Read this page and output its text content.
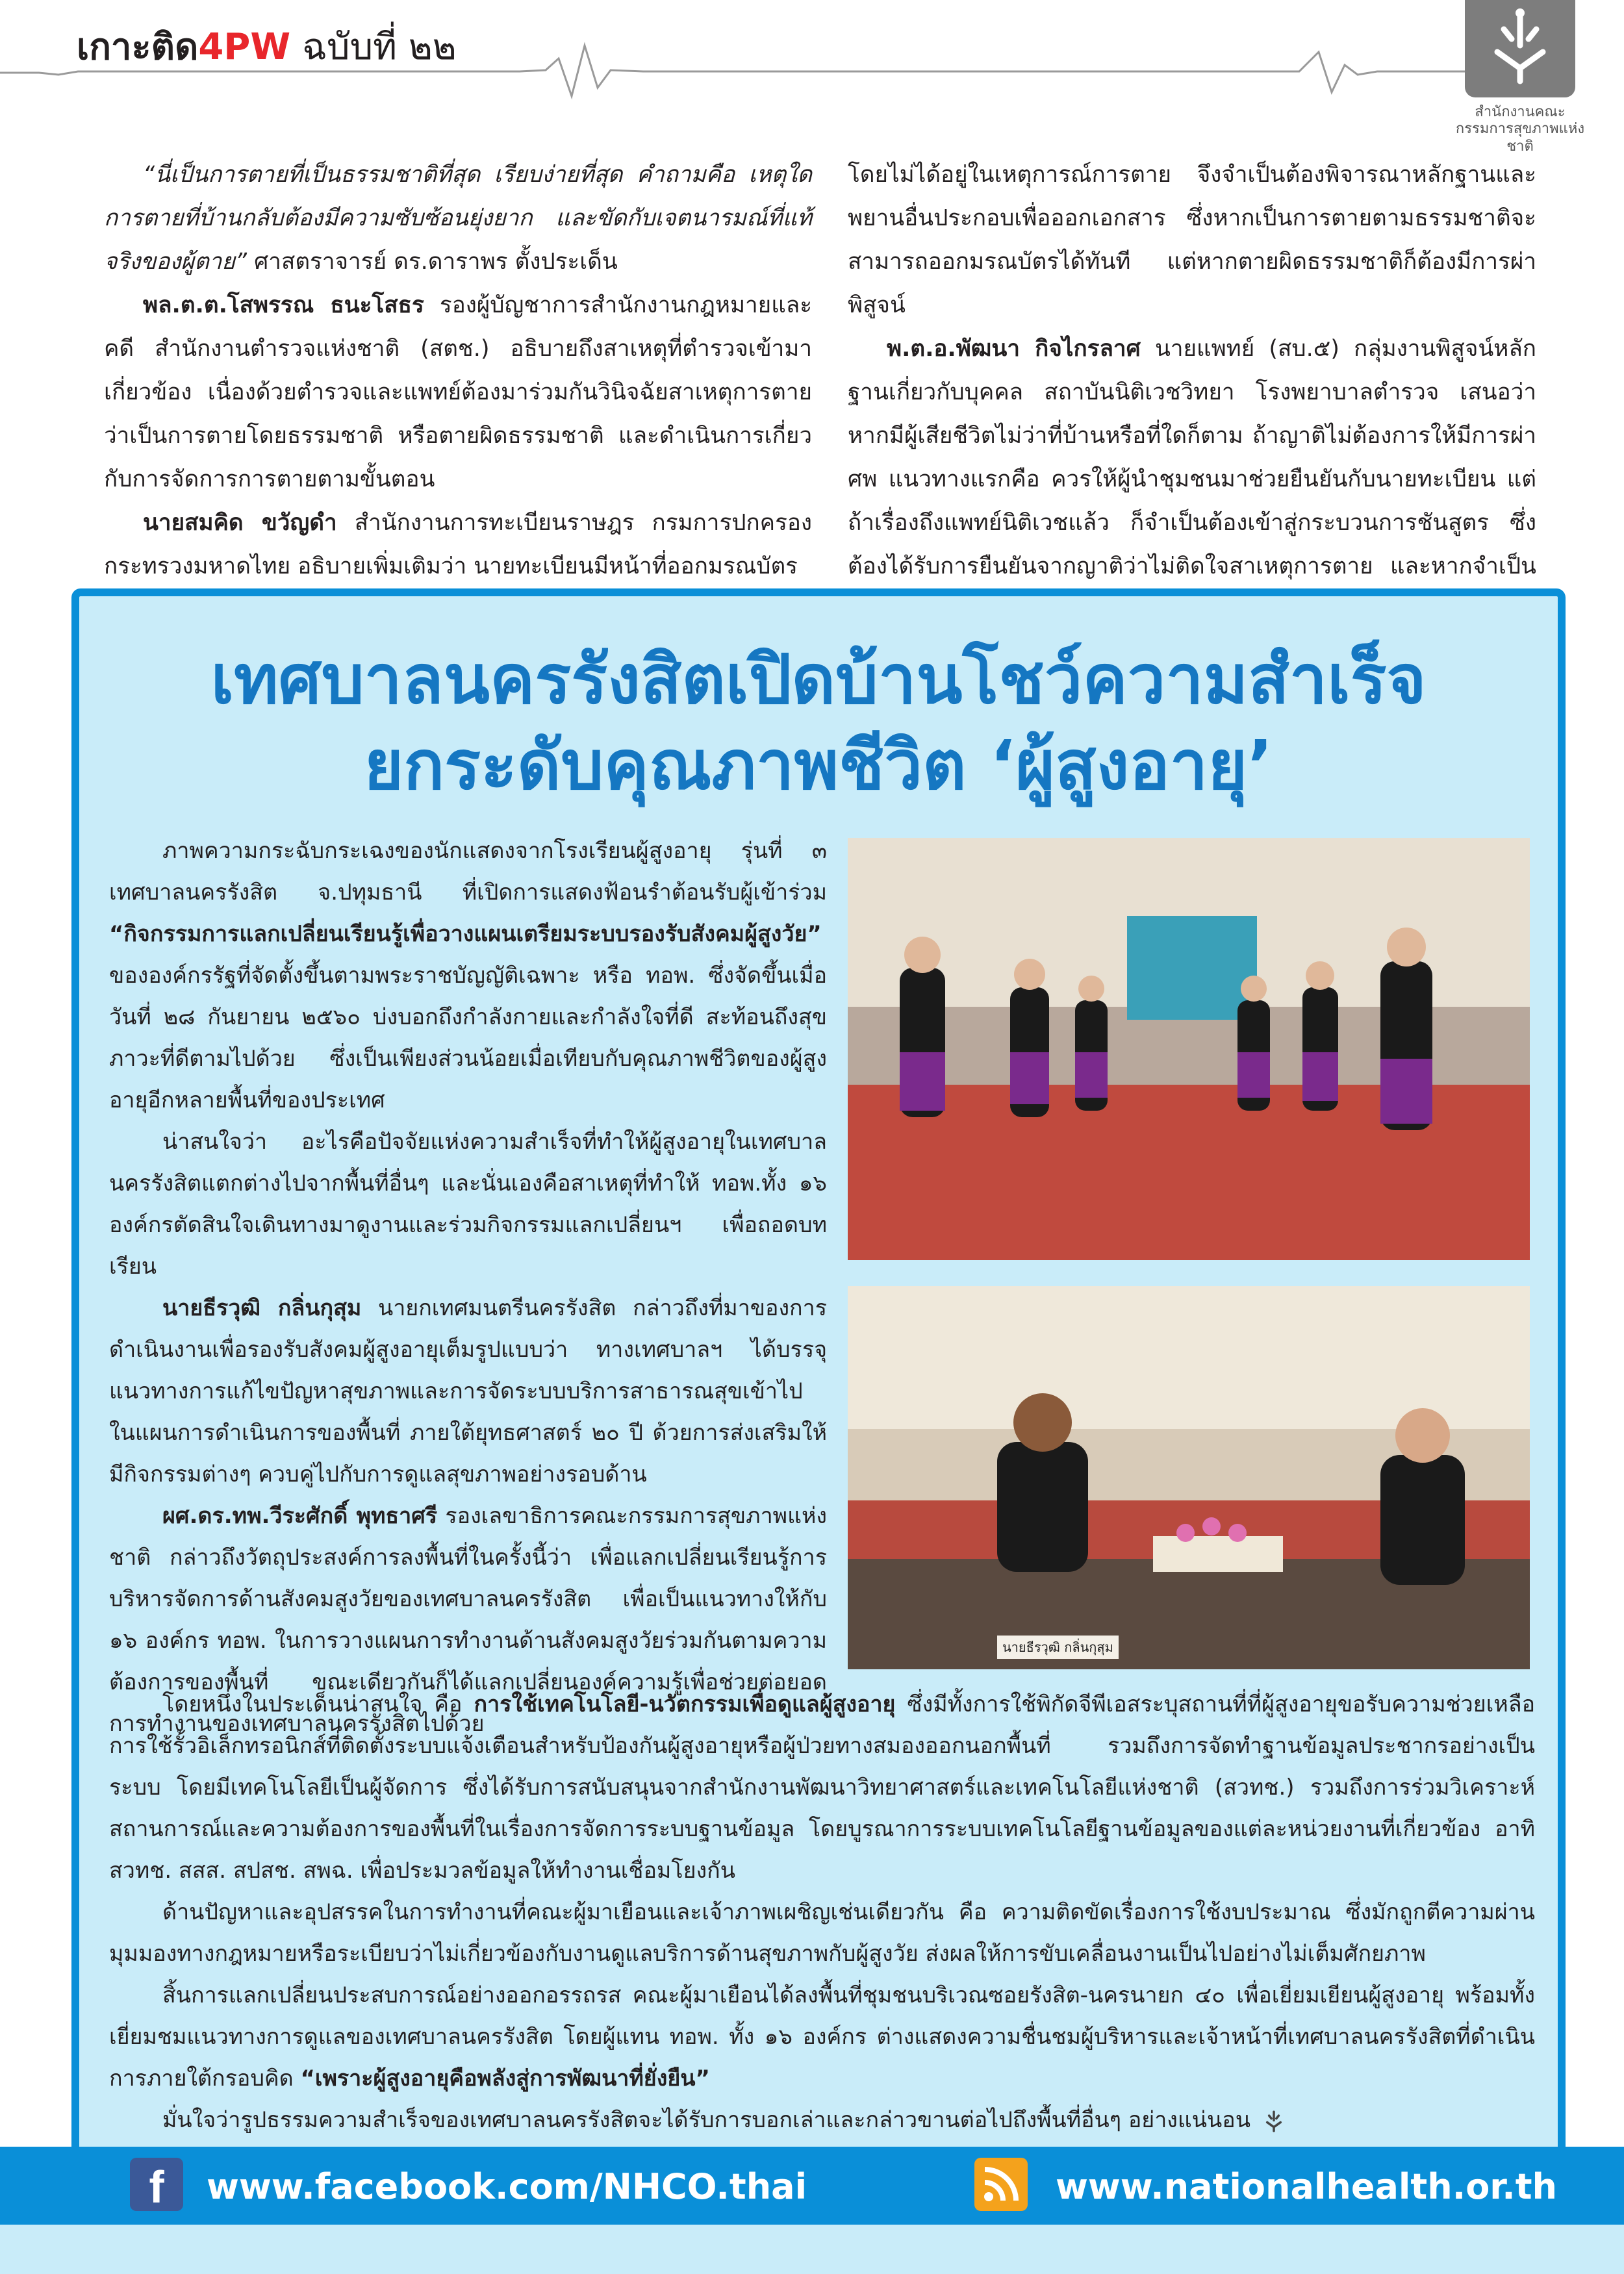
เกาะติด4PW ฉบับที่ ๒๒
สำนักงานคณะกรรมการสุขภาพแห่งชาติ

“นี่เป็นการตายที่เป็นธรรมชาติที่สุด เรียบง่ายที่สุด คำถามคือ เหตุใดการตายที่บ้านกลับต้องมีความซับซ้อนยุ่งยาก และขัดกับเจตนารมณ์ที่แท้จริงของผู้ตาย” ศาสตราจารย์ ดร.ดาราพร ตั้งประเด็น

พล.ต.ต.โสพรรณ ธนะโสธร รองผู้บัญชาการสำนักงานกฎหมายและคดี สำนักงานตำรวจแห่งชาติ (สตช.) อธิบายถึงสาเหตุที่ตำรวจเข้ามาเกี่ยวข้อง เนื่องด้วยตำรวจและแพทย์ต้องมาร่วมกันวินิจฉัยสาเหตุการตาย ว่าเป็นการตายโดยธรรมชาติ หรือตายผิดธรรมชาติ และดำเนินการเกี่ยวกับการจัดการการตายตามขั้นตอน

นายสมคิด ขวัญดำ สำนักงานการทะเบียนราษฎร กรมการปกครอง กระทรวงมหาดไทย อธิบายเพิ่มเติมว่า นายทะเบียนมีหน้าที่ออกมรณบัตร

โดยไม่ได้อยู่ในเหตุการณ์การตาย จึงจำเป็นต้องพิจารณาหลักฐานและพยานอื่นประกอบเพื่อออกเอกสาร ซึ่งหากเป็นการตายตามธรรมชาติจะสามารถออกมรณบัตรได้ทันที แต่หากตายผิดธรรมชาติก็ต้องมีการผ่าพิสูจน์

พ.ต.อ.พัฒนา กิจไกรลาศ นายแพทย์ (สบ.๕) กลุ่มงานพิสูจน์หลักฐานเกี่ยวกับบุคคล สถาบันนิติเวชวิทยา โรงพยาบาลตำรวจ เสนอว่า หากมีผู้เสียชีวิตไม่ว่าที่บ้านหรือที่ใดก็ตาม ถ้าญาติไม่ต้องการให้มีการผ่าศพ แนวทางแรกคือ ควรให้ผู้นำชุมชนมาช่วยยืนยันกับนายทะเบียน แต่ถ้าเรื่องถึงแพทย์นิติเวชแล้ว ก็จำเป็นต้องเข้าสู่กระบวนการชันสูตร ซึ่งต้องได้รับการยืนยันจากญาติว่าไม่ติดใจสาเหตุการตาย และหากจำเป็น

เทศบาลนครรังสิตเปิดบ้านโชว์ความสำเร็จ
ยกระดับคุณภาพชีวิต ‘ผู้สูงอายุ’
นายธีรวุฒิ กลิ่นกุสุม

ภาพความกระฉับกระเฉงของนักแสดงจากโรงเรียนผู้สูงอายุ รุ่นที่ ๓ เทศบาลนครรังสิต จ.ปทุมธานี ที่เปิดการแสดงฟ้อนรำต้อนรับผู้เข้าร่วม “กิจกรรมการแลกเปลี่ยนเรียนรู้เพื่อวางแผนเตรียมระบบรองรับสังคมผู้สูงวัย” ขององค์กรรัฐที่จัดตั้งขึ้นตามพระราชบัญญัติเฉพาะ หรือ ทอพ. ซึ่งจัดขึ้นเมื่อวันที่ ๒๘ กันยายน ๒๕๖๐ บ่งบอกถึงกำลังกายและกำลังใจที่ดี สะท้อนถึงสุขภาวะที่ดีตามไปด้วย ซึ่งเป็นเพียงส่วนน้อยเมื่อเทียบกับคุณภาพชีวิตของผู้สูงอายุอีกหลายพื้นที่ของประเทศ

น่าสนใจว่า อะไรคือปัจจัยแห่งความสำเร็จที่ทำให้ผู้สูงอายุในเทศบาลนครรังสิตแตกต่างไปจากพื้นที่อื่นๆ และนั่นเองคือสาเหตุที่ทำให้ ทอพ.ทั้ง ๑๖ องค์กรตัดสินใจเดินทางมาดูงานและร่วมกิจกรรมแลกเปลี่ยนฯ เพื่อถอดบทเรียน

นายธีรวุฒิ กลิ่นกุสุม นายกเทศมนตรีนครรังสิต กล่าวถึงที่มาของการดำเนินงานเพื่อรองรับสังคมผู้สูงอายุเต็มรูปแบบว่า ทางเทศบาลฯ ได้บรรจุแนวทางการแก้ไขปัญหาสุขภาพและการจัดระบบบริการสาธารณสุขเข้าไปในแผนการดำเนินการของพื้นที่ ภายใต้ยุทธศาสตร์ ๒๐ ปี ด้วยการส่งเสริมให้มีกิจกรรมต่างๆ ควบคู่ไปกับการดูแลสุขภาพอย่างรอบด้าน

ผศ.ดร.ทพ.วีระศักดิ์ พุทธาศรี รองเลขาธิการคณะกรรมการสุขภาพแห่งชาติ กล่าวถึงวัตถุประสงค์การลงพื้นที่ในครั้งนี้ว่า เพื่อแลกเปลี่ยนเรียนรู้การบริหารจัดการด้านสังคมสูงวัยของเทศบาลนครรังสิต เพื่อเป็นแนวทางให้กับ ๑๖ องค์กร ทอพ. ในการวางแผนการทำงานด้านสังคมสูงวัยร่วมกันตามความต้องการของพื้นที่ ขณะเดียวกันก็ได้แลกเปลี่ยนองค์ความรู้เพื่อช่วยต่อยอดการทำงานของเทศบาลนครรังสิตไปด้วย

โดยหนึ่งในประเด็นน่าสนใจ คือ การใช้เทคโนโลยี-นวัตกรรมเพื่อดูแลผู้สูงอายุ ซึ่งมีทั้งการใช้พิกัดจีพีเอสระบุสถานที่ที่ผู้สูงอายุขอรับความช่วยเหลือ การใช้รั้วอิเล็กทรอนิกส์ที่ติดตั้งระบบแจ้งเตือนสำหรับป้องกันผู้สูงอายุหรือผู้ป่วยทางสมองออกนอกพื้นที่ รวมถึงการจัดทำฐานข้อมูลประชากรอย่างเป็นระบบ โดยมีเทคโนโลยีเป็นผู้จัดการ ซึ่งได้รับการสนับสนุนจากสำนักงานพัฒนาวิทยาศาสตร์และเทคโนโลยีแห่งชาติ (สวทช.) รวมถึงการร่วมวิเคราะห์สถานการณ์และความต้องการของพื้นที่ในเรื่องการจัดการระบบฐานข้อมูล โดยบูรณาการระบบเทคโนโลยีฐานข้อมูลของแต่ละหน่วยงานที่เกี่ยวข้อง อาทิ สวทช. สสส. สปสช. สพฉ. เพื่อประมวลข้อมูลให้ทำงานเชื่อมโยงกัน

ด้านปัญหาและอุปสรรคในการทำงานที่คณะผู้มาเยือนและเจ้าภาพเผชิญเช่นเดียวกัน คือ ความติดขัดเรื่องการใช้งบประมาณ ซึ่งมักถูกตีความผ่านมุมมองทางกฎหมายหรือระเบียบว่าไม่เกี่ยวข้องกับงานดูแลบริการด้านสุขภาพกับผู้สูงวัย ส่งผลให้การขับเคลื่อนงานเป็นไปอย่างไม่เต็มศักยภาพ

สิ้นการแลกเปลี่ยนประสบการณ์อย่างออกอรรถรส คณะผู้มาเยือนได้ลงพื้นที่ชุมชนบริเวณซอยรังสิต-นครนายก ๔๐ เพื่อเยี่ยมเยียนผู้สูงอายุ พร้อมทั้งเยี่ยมชมแนวทางการดูแลของเทศบาลนครรังสิต โดยผู้แทน ทอพ. ทั้ง ๑๖ องค์กร ต่างแสดงความชื่นชมผู้บริหารและเจ้าหน้าที่เทศบาลนครรังสิตที่ดำเนินการภายใต้กรอบคิด “เพราะผู้สูงอายุคือพลังสู่การพัฒนาที่ยั่งยืน”

มั่นใจว่ารูปธรรมความสำเร็จของเทศบาลนครรังสิตจะได้รับการบอกเล่าและกล่าวขานต่อไปถึงพื้นที่อื่นๆ อย่างแน่นอน

f	www.facebook.com/NHCO.thai	www.nationalhealth.or.th
